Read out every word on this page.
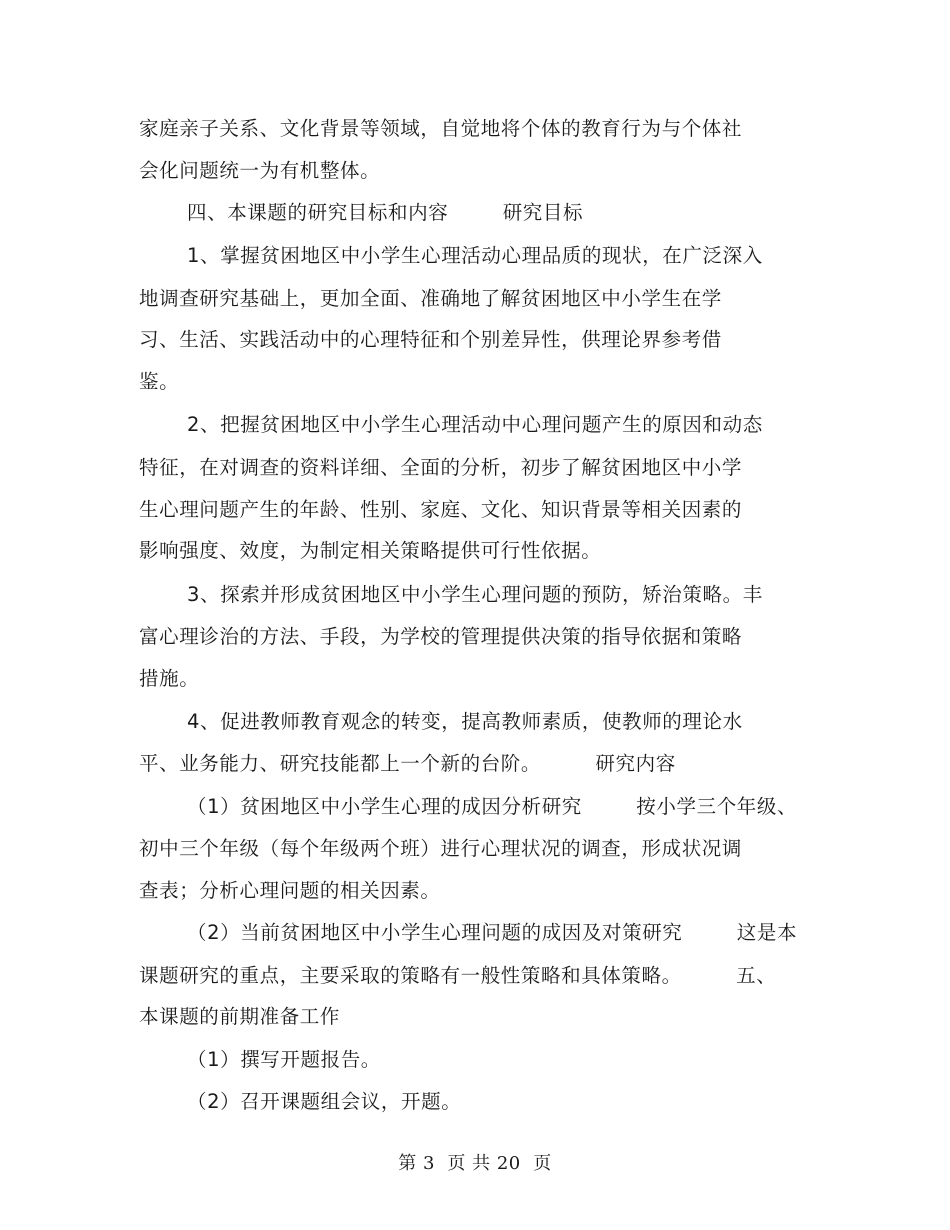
家庭亲子关系、文化背景等领域，自觉地将个体的教育行为与个体社
会化问题统一为有机整体。
四、本课题的研究目标和内容        研究目标
1、掌握贫困地区中小学生心理活动心理品质的现状，在广泛深入
地调查研究基础上，更加全面、准确地了解贫困地区中小学生在学
习、生活、实践活动中的心理特征和个别差异性，供理论界参考借
鉴。
2、把握贫困地区中小学生心理活动中心理问题产生的原因和动态
特征，在对调查的资料详细、全面的分析，初步了解贫困地区中小学
生心理问题产生的年龄、性别、家庭、文化、知识背景等相关因素的
影响强度、效度，为制定相关策略提供可行性依据。
3、探索并形成贫困地区中小学生心理问题的预防，矫治策略。丰
富心理诊治的方法、手段，为学校的管理提供决策的指导依据和策略
措施。
4、促进教师教育观念的转变，提高教师素质，使教师的理论水
平、业务能力、研究技能都上一个新的台阶。        研究内容
（1）贫困地区中小学生心理的成因分析研究        按小学三个年级、
初中三个年级（每个年级两个班）进行心理状况的调查，形成状况调
查表；分析心理问题的相关因素。
（2）当前贫困地区中小学生心理问题的成因及对策研究        这是本
课题研究的重点，主要采取的策略有一般性策略和具体策略。        五、
本课题的前期准备工作
（1）撰写开题报告。
（2）召开课题组会议，开题。
第 3  页 共 20  页
